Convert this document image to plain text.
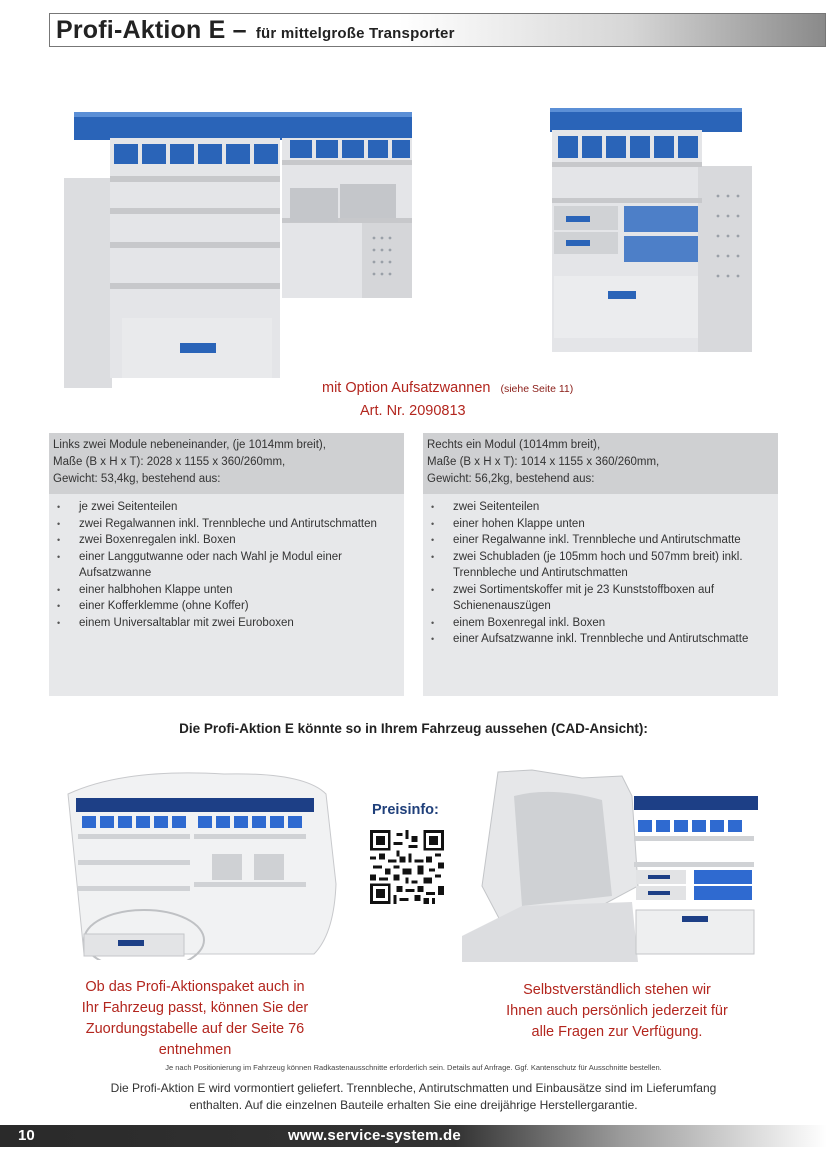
Profi-Aktion E – für mittelgroße Transporter
mit Option Aufsatzwannen (siehe Seite 11)
Art. Nr. 2090813
Links zwei Module nebeneinander, (je 1014mm breit),
Maße (B x H x T): 2028 x 1155 x 360/260mm,
Gewicht: 53,4kg, bestehend aus:
• je zwei Seitenteilen
• zwei Regalwannen inkl. Trennbleche und Antirutschmatten
• zwei Boxenregalen inkl. Boxen
• einer Langgutwanne oder nach Wahl je Modul einer Aufsatzwanne
• einer halbhohen Klappe unten
• einer Kofferklemme (ohne Koffer)
• einem Universaltablar mit zwei Euroboxen
Rechts ein Modul (1014mm breit),
Maße (B x H x T): 1014 x 1155 x 360/260mm,
Gewicht: 56,2kg, bestehend aus:
• zwei Seitenteilen
• einer hohen Klappe unten
• einer Regalwanne inkl. Trennbleche und Antirutschmatte
• zwei Schubladen (je 105mm hoch und 507mm breit) inkl. Trennbleche und Antirutschmatten
• zwei Sortimentskoffer mit je 23 Kunststoffboxen auf Schienenauszügen
• einem Boxenregal inkl. Boxen
• einer Aufsatzwanne inkl. Trennbleche und Antirutschmatte
Die Profi-Aktion E könnte so in Ihrem Fahrzeug aussehen (CAD-Ansicht):
Preisinfo:
Ob das Profi-Aktionspaket auch in
Ihr Fahrzeug passt, können Sie der
Zuordungstabelle auf der Seite 76
entnehmen
Selbstverständlich stehen wir
Ihnen auch persönlich jederzeit für
alle Fragen zur Verfügung.
Je nach Positionierung im Fahrzeug können Radkastenausschnitte erforderlich sein. Details auf Anfrage. Ggf. Kantenschutz für Ausschnitte bestellen.
Die Profi-Aktion E wird vormontiert geliefert. Trennbleche, Antirutschmatten und Einbausätze sind im Lieferumfang
enthalten. Auf die einzelnen Bauteile erhalten Sie eine dreijährige Herstellergarantie.
10	www.service-system.de
